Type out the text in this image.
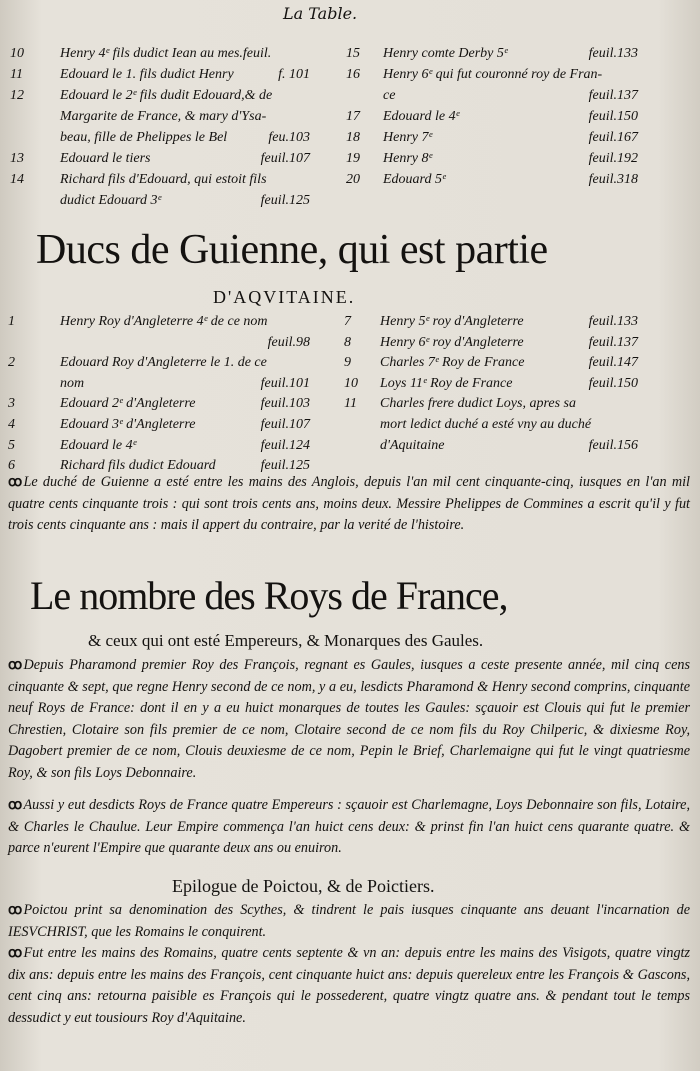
La Table.
10	Henry 4ᵉ fils dudict Iean au mes.feuil.
11	Edouard le 1. fils dudict Henry	f. 101
12	Edouard le 2ᵉ fils dudit Edouard,& de
Margarite de France, & mary d'Ysa-
beau, fille de Phelippes le Bel	feu.103
13	Edouard le tiers	feuil.107
14	Richard fils d'Edouard, qui estoit fils
dudict Edouard 3ᵉ	feuil.125
15 Henry comte Derby 5ᵉ	feuil.133
16 Henry 6ᵉ qui fut couronné roy de Fran-
ce	feuil.137
17 Edouard le 4ᵉ	feuil.150
18 Henry 7ᵉ	feuil.167
19 Henry 8ᵉ	feuil.192
20 Edouard 5ᵉ	feuil.318
Ducs de Guienne, qui est partie
D'AQVITAINE.
1	Henry Roy d'Angleterre 4ᵉ de ce nom
feuil.98
2	Edouard Roy d'Angleterre le 1. de ce
nom	feuil.101
3	Edouard 2ᵉ d'Angleterre	feuil.103
4	Edouard 3ᵉ d'Angleterre	feuil.107
5	Edouard le 4ᵉ	feuil.124
6	Richard fils dudict Edouard	feuil.125
7 Henry 5ᵉ roy d'Angleterre	feuil.133
8 Henry 6ᵉ roy d'Angleterre	feuil.137
9 Charles 7ᵉ Roy de France	feuil.147
10 Loys 11ᵉ Roy de France	feuil.150
11 Charles frere dudict Loys, apres sa
mort ledict duché a esté vny au duché
d'Aquitaine	feuil.156

ꝏ Le duché de Guienne a esté entre les mains des Anglois, depuis l'an mil cent cinquante-cinq, iusques en l'an mil quatre cents cinquante trois : qui sont trois cents ans, moins deux. Messire Phelippes de Commines a escrit qu'il y fut trois cents cinquante ans : mais il appert du contraire, par la verité de l'histoire.

Le nombre des Roys de France,
& ceux qui ont esté Empereurs, & Monarques des Gaules.

ꝏ Depuis Pharamond premier Roy des François, regnant es Gaules, iusques a ceste presente année, mil cinq cens cinquante & sept, que regne Henry second de ce nom, y a eu, lesdicts Pharamond & Henry second comprins, cinquante neuf Roys de France: dont il en y a eu huict monarques de toutes les Gaules: sçauoir est Clouis qui fut le premier Chrestien, Clotaire son fils premier de ce nom, Clotaire second de ce nom fils du Roy Chilperic, & dixiesme Roy, Dagobert premier de ce nom, Clouis deuxiesme de ce nom, Pepin le Brief, Charlemaigne qui fut le vingt quatriesme Roy, & son fils Loys Debonnaire.

ꝏ Aussi y eut desdicts Roys de France quatre Empereurs : sçauoir est Charlemagne, Loys Debonnaire son fils, Lotaire, & Charles le Chaulue. Leur Empire commença l'an huict cens deux: & prinst fin l'an huict cens quarante quatre. & parce n'eurent l'Empire que quarante deux ans ou enuiron.

Epilogue de Poictou, & de Poictiers.

ꝏ Poictou print sa denomination des Scythes, & tindrent le pais iusques cinquante ans deuant l'incarnation de IESVCHRIST, que les Romains le conquirent.

ꝏ Fut entre les mains des Romains, quatre cents septente & vn an: depuis entre les mains des Visigots, quatre vingtz dix ans: depuis entre les mains des François, cent cinquante huict ans: depuis quereleux entre les François & Gascons, cent cinq ans: retourna paisible es François qui le possederent, quatre vingtz quatre ans. & pendant tout le temps dessudict y eut tousiours Roy d'Aquitaine.
